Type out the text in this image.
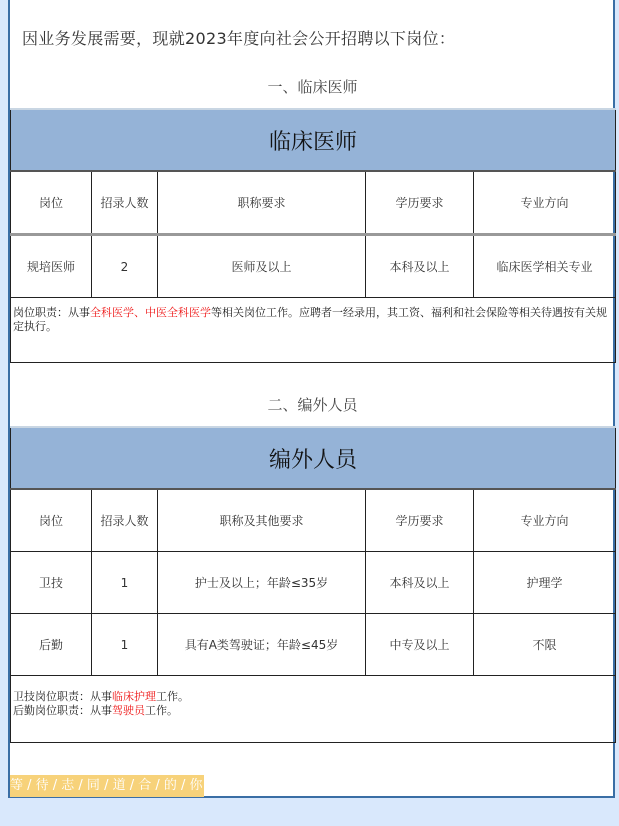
因业务发展需要，现就2023年度向社会公开招聘以下岗位：
一、临床医师
临床医师				
岗位	招录人数	职称要求	学历要求	专业方向
规培医师	2	医师及以上	本科及以上	临床医学相关专业
岗位职责：从事全科医学、中医全科医学等相关岗位工作。应聘者一经录用，其工资、福利和社会保险等相关待遇按有关规定执行。				
二、编外人员
编外人员				
岗位	招录人数	职称及其他要求	学历要求	专业方向
卫技	1	护士及以上；年龄≤35岁	本科及以上	护理学
后勤	1	具有A类驾驶证；年龄≤45岁	中专及以上	不限

卫技岗位职责：从事临床护理工作。
后勤岗位职责：从事驾驶员工作。				
等 / 待 / 志 / 同 / 道 / 合 / 的 / 你
